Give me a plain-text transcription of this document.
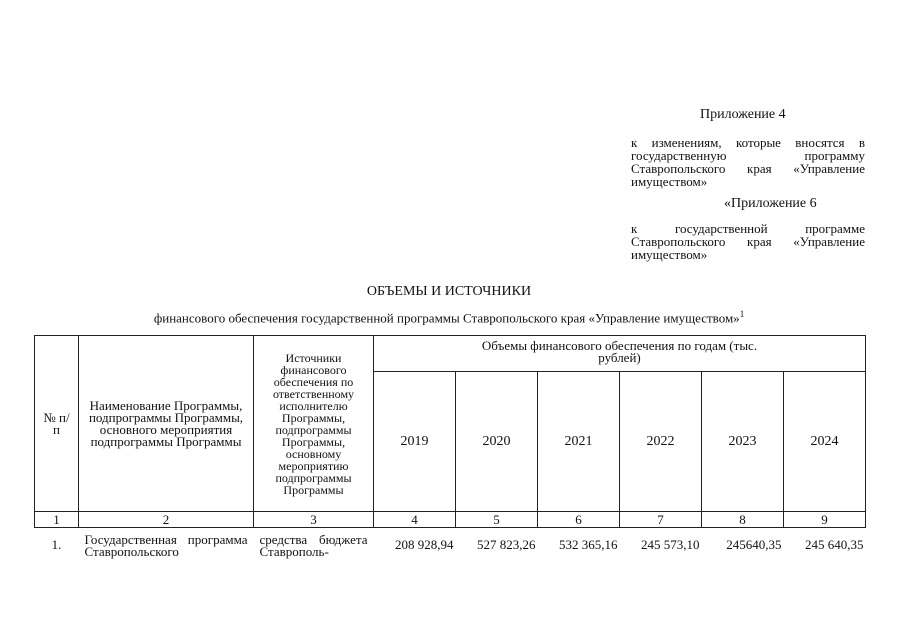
Приложение 4
к изменениям, которые вносятся в государственную программу Ставропольского края «Управление имуществом»
«Приложение 6
к государственной программе Ставропольского края «Управление имуществом»
ОБЪЕМЫ И ИСТОЧНИКИ
финансового обеспечения государственной программы Ставропольского края «Управление имуществом»$^1$
№ п/п	Наименование Программы, подпрограммы Программы, основного мероприятия подпрограммы Программы	Источники финансового обеспечения по ответственному исполнителю Программы, подпрограммы Программы, основному мероприятию подпрограммы Программы	Объемы финансового обеспечения по годам (тыс. рублей)					

			2019	2020	2021	2022	2023	2024
1	2	3	4	5	6	7	8	9
1.	Государственная программа Ставропольского	средства бюджета Ставрополь-	208 928,94	527 823,26	532 365,16	245 573,10	245640,35	245 640,35
